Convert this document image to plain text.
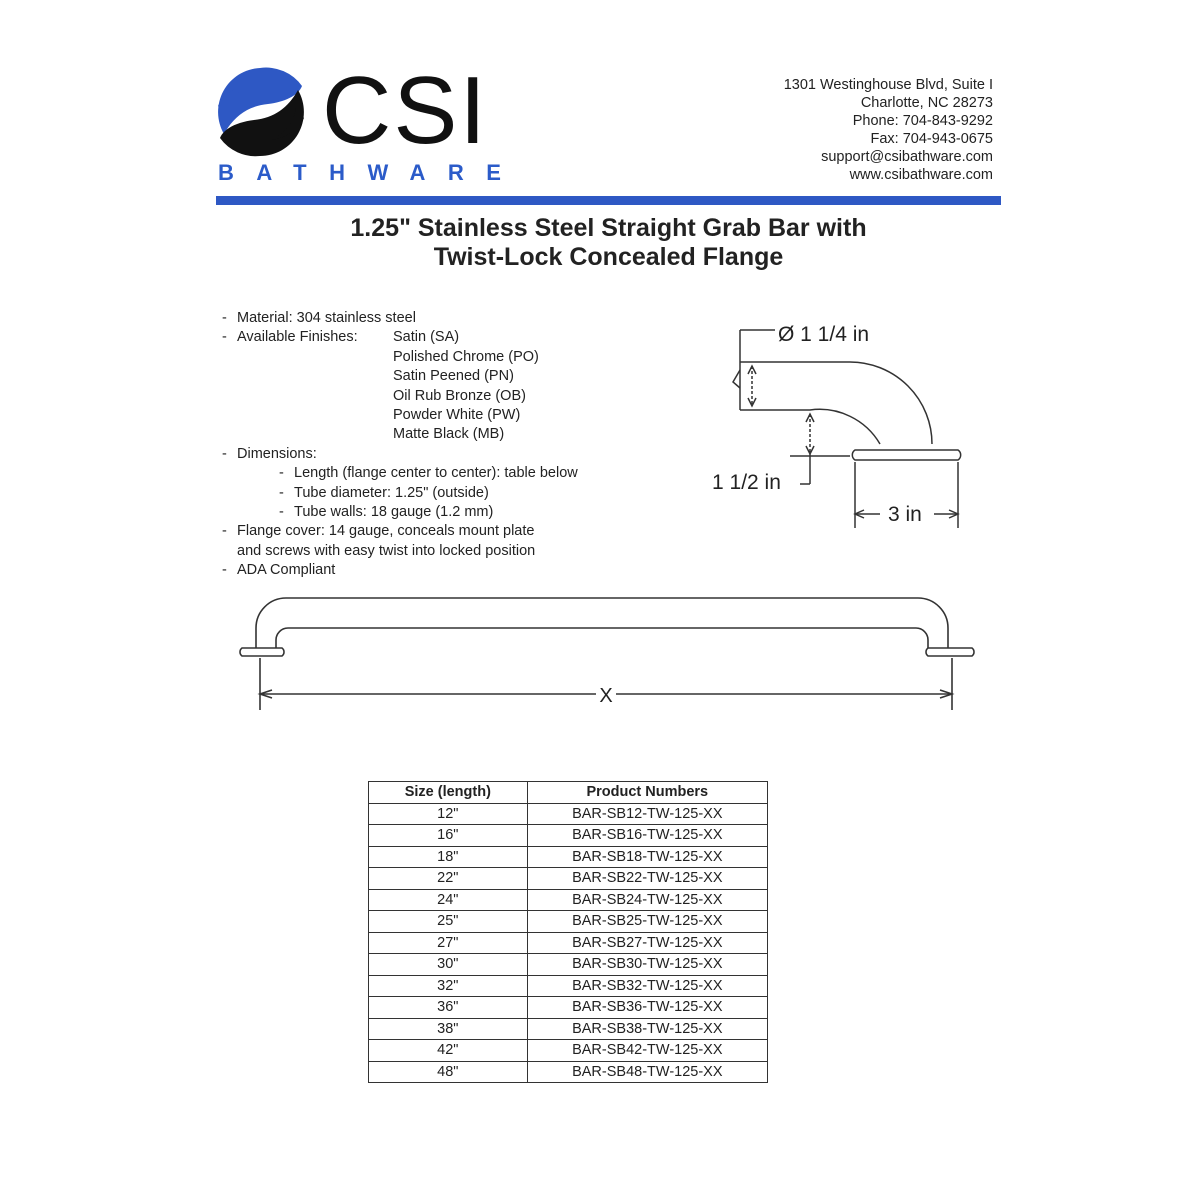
CSI
BATHWARE
1301 Westinghouse Blvd, Suite I
Charlotte, NC 28273
Phone: 704-843-9292
Fax: 704-943-0675
support@csibathware.com
www.csibathware.com
1.25" Stainless Steel Straight Grab Bar with
Twist-Lock Concealed Flange
- Material: 304 stainless steel
- Available Finishes: Satin (SA)
Polished Chrome (PO)
Satin Peened (PN)
Oil Rub Bronze (OB)
Powder White (PW)
Matte Black (MB)
- Dimensions:
- Length (flange center to center): table below
- Tube diameter: 1.25" (outside)
- Tube walls: 18 gauge (1.2 mm)
- Flange cover: 14 gauge, conceals mount plate
and screws with easy twist into locked position
- ADA Compliant
Ø 1 1/4 in
1 1/2 in
3 in
X
Size (length)	Product Numbers
12"	BAR-SB12-TW-125-XX
16"	BAR-SB16-TW-125-XX
18"	BAR-SB18-TW-125-XX
22"	BAR-SB22-TW-125-XX
24"	BAR-SB24-TW-125-XX
25"	BAR-SB25-TW-125-XX
27"	BAR-SB27-TW-125-XX
30"	BAR-SB30-TW-125-XX
32"	BAR-SB32-TW-125-XX
36"	BAR-SB36-TW-125-XX
38"	BAR-SB38-TW-125-XX
42"	BAR-SB42-TW-125-XX
48"	BAR-SB48-TW-125-XX
